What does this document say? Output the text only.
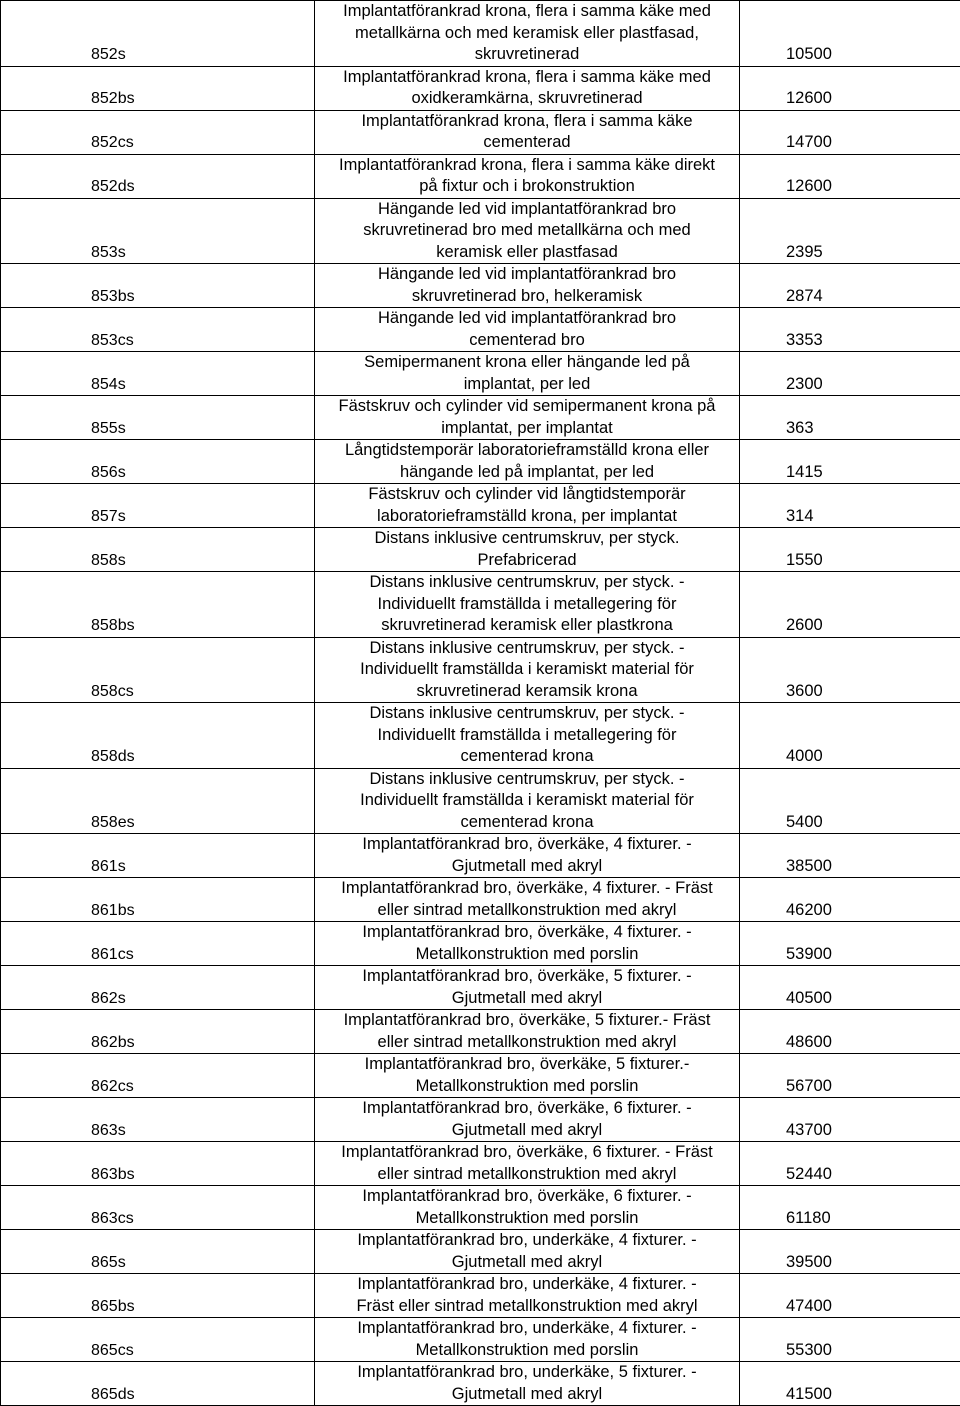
852s	Implantatförankrad krona, flera i samma käke med
metallkärna och med keramisk eller plastfasad,
skruvretinerad	10500	
852bs	Implantatförankrad krona, flera i samma käke med
oxidkeramkärna, skruvretinerad	12600	
852cs	Implantatförankrad krona, flera i samma käke
cementerad	14700	
852ds	Implantatförankrad krona, flera i samma käke direkt
på fixtur och i brokonstruktion	12600	
853s	Hängande led vid implantatförankrad bro
skruvretinerad bro med metallkärna och med
keramisk eller plastfasad	2395	
853bs	Hängande led vid implantatförankrad bro
skruvretinerad bro, helkeramisk	2874	
853cs	Hängande led vid implantatförankrad bro
cementerad bro	3353	
854s	Semipermanent krona eller hängande led på
implantat, per led	2300	
855s	Fästskruv och cylinder vid semipermanent krona på
implantat, per implantat	363	
856s	Långtidstemporär laboratorieframställd krona eller
hängande led på implantat, per led	1415	
857s	Fästskruv och cylinder vid långtidstemporär
laboratorieframställd krona, per implantat	314	
858s	Distans inklusive centrumskruv, per styck.
Prefabricerad	1550	
858bs	Distans inklusive centrumskruv, per styck. -
Individuellt framställda i metallegering för
skruvretinerad keramisk eller plastkrona	2600	
858cs	Distans inklusive centrumskruv, per styck. -
Individuellt framställda i keramiskt material för
skruvretinerad keramsik krona	3600	
858ds	Distans inklusive centrumskruv, per styck. -
Individuellt framställda i metallegering för
cementerad krona	4000	
858es	Distans inklusive centrumskruv, per styck. -
Individuellt framställda i keramiskt material för
cementerad krona	5400	
861s	Implantatförankrad bro, överkäke, 4 fixturer. -
Gjutmetall med akryl	38500	
861bs	Implantatförankrad bro, överkäke, 4 fixturer. - Fräst
eller sintrad metallkonstruktion med akryl	46200	
861cs	Implantatförankrad bro, överkäke, 4 fixturer. -
Metallkonstruktion med porslin	53900	
862s	Implantatförankrad bro, överkäke, 5 fixturer. -
Gjutmetall med akryl	40500	
862bs	Implantatförankrad bro, överkäke, 5 fixturer.- Fräst
eller sintrad metallkonstruktion med akryl	48600	
862cs	Implantatförankrad bro, överkäke, 5 fixturer.-
Metallkonstruktion med porslin	56700	
863s	Implantatförankrad bro, överkäke, 6 fixturer. -
Gjutmetall med akryl	43700	
863bs	Implantatförankrad bro, överkäke, 6 fixturer. - Fräst
eller sintrad metallkonstruktion med akryl	52440	
863cs	Implantatförankrad bro, överkäke, 6 fixturer. -
Metallkonstruktion med porslin	61180	
865s	Implantatförankrad bro, underkäke, 4 fixturer. -
Gjutmetall med akryl	39500	
865bs	Implantatförankrad bro, underkäke, 4 fixturer. -
Fräst eller sintrad metallkonstruktion med akryl	47400	
865cs	Implantatförankrad bro, underkäke, 4 fixturer. -
Metallkonstruktion med porslin	55300	
865ds	Implantatförankrad bro, underkäke, 5 fixturer. -
Gjutmetall med akryl	41500	
